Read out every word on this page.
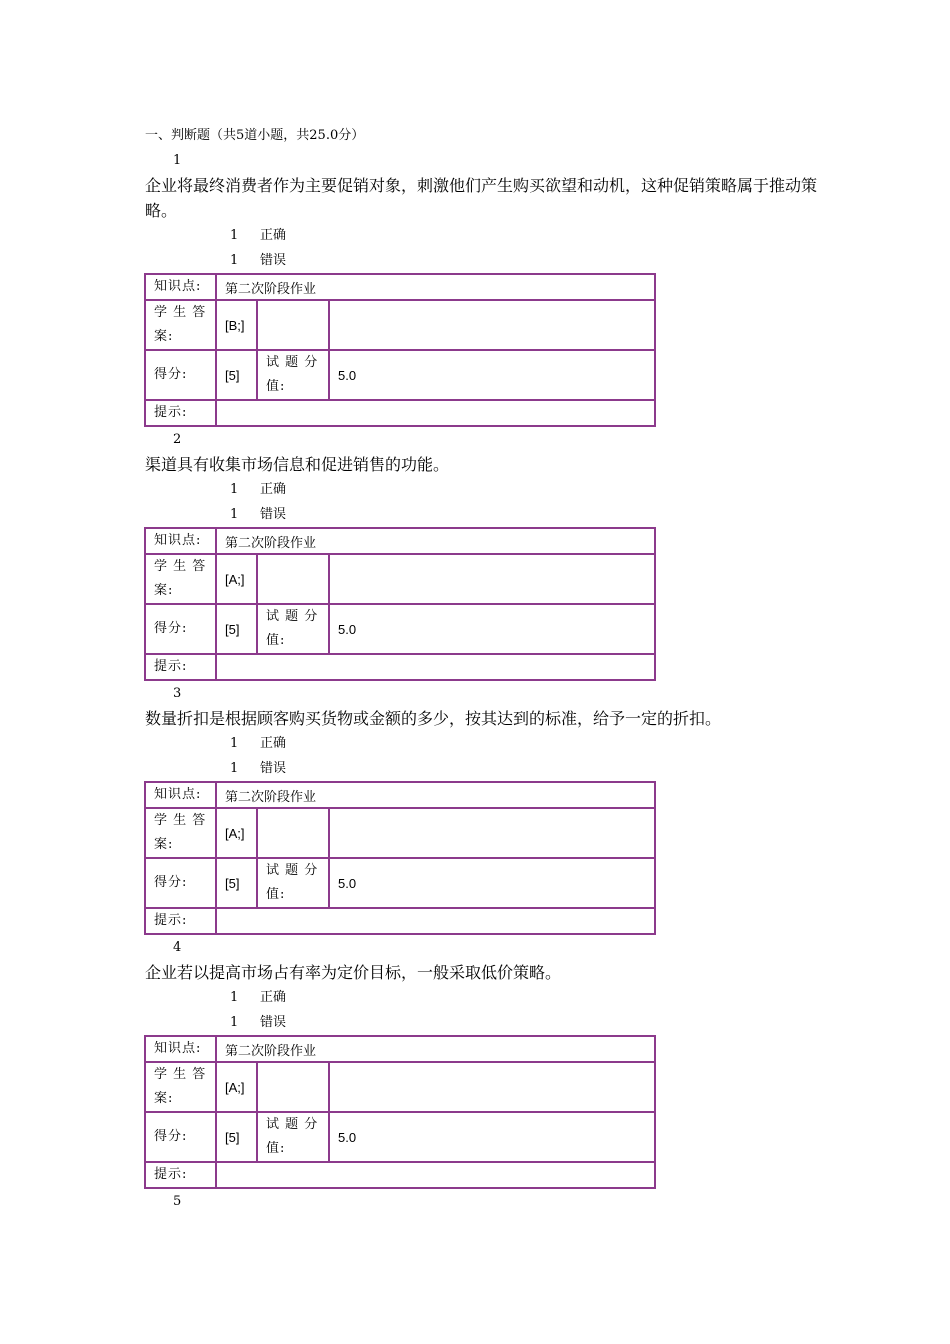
一、判断题（共5道小题，共25.0分）
1
企业将最终消费者作为主要促销对象，刺激他们产生购买欲望和动机，这种促销策略属于推动策略。
1	正确
1	错误
知识点:	第二次阶段作业		
学 生 答 案:	[B;]		
得分:	[5]	试 题 分 值:	5.0
提示:			
2
渠道具有收集市场信息和促进销售的功能。
1	正确
1	错误
知识点:	第二次阶段作业		
学 生 答 案:	[A;]		
得分:	[5]	试 题 分 值:	5.0
提示:			
3
数量折扣是根据顾客购买货物或金额的多少，按其达到的标准，给予一定的折扣。
1	正确
1	错误
知识点:	第二次阶段作业		
学 生 答 案:	[A;]		
得分:	[5]	试 题 分 值:	5.0
提示:			
4
企业若以提高市场占有率为定价目标，一般采取低价策略。
1	正确
1	错误
知识点:	第二次阶段作业		
学 生 答 案:	[A;]		
得分:	[5]	试 题 分 值:	5.0
提示:			
5
